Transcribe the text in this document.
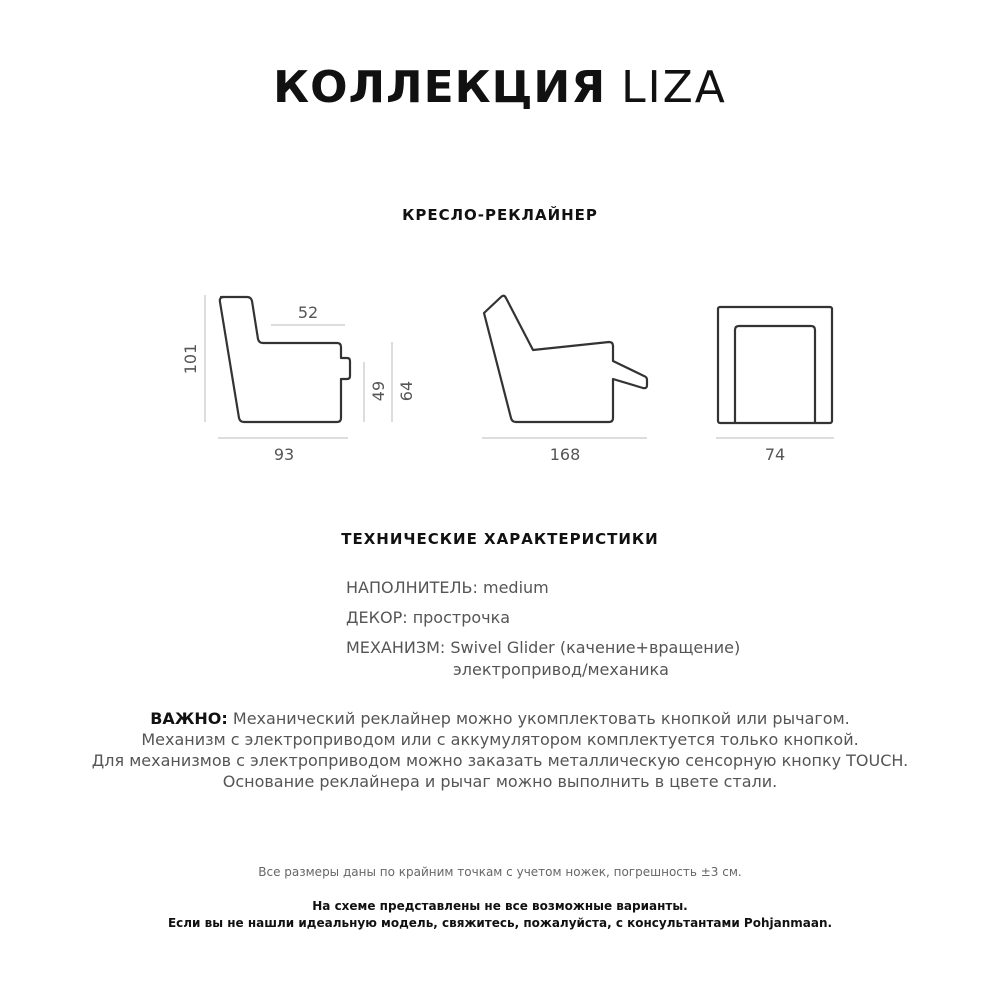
КОЛЛЕКЦИЯ LIZA
КРЕСЛО-РЕКЛАЙНЕР
101
52
93
49 64
168	74
ТЕХНИЧЕСКИЕ ХАРАКТЕРИСТИКИ
НАПОЛНИТЕЛЬ: medium
ДЕКОР: прострочка
МЕХАНИЗМ: Swivel Glider (качение+вращение)
электропривод/механика
ВАЖНО: Механический реклайнер можно укомплектовать кнопкой или рычагом.
Механизм с электроприводом или с аккумулятором комплектуется только кнопкой.
Для механизмов с электроприводом можно заказать металлическую сенсорную кнопку TOUCH.
Основание реклайнера и рычаг можно выполнить в цвете стали.
Все размеры даны по крайним точкам с учетом ножек, погрешность ±3 см.
На схеме представлены не все возможные варианты.
Если вы не нашли идеальную модель, свяжитесь, пожалуйста, с консультантами Pohjanmaan.
